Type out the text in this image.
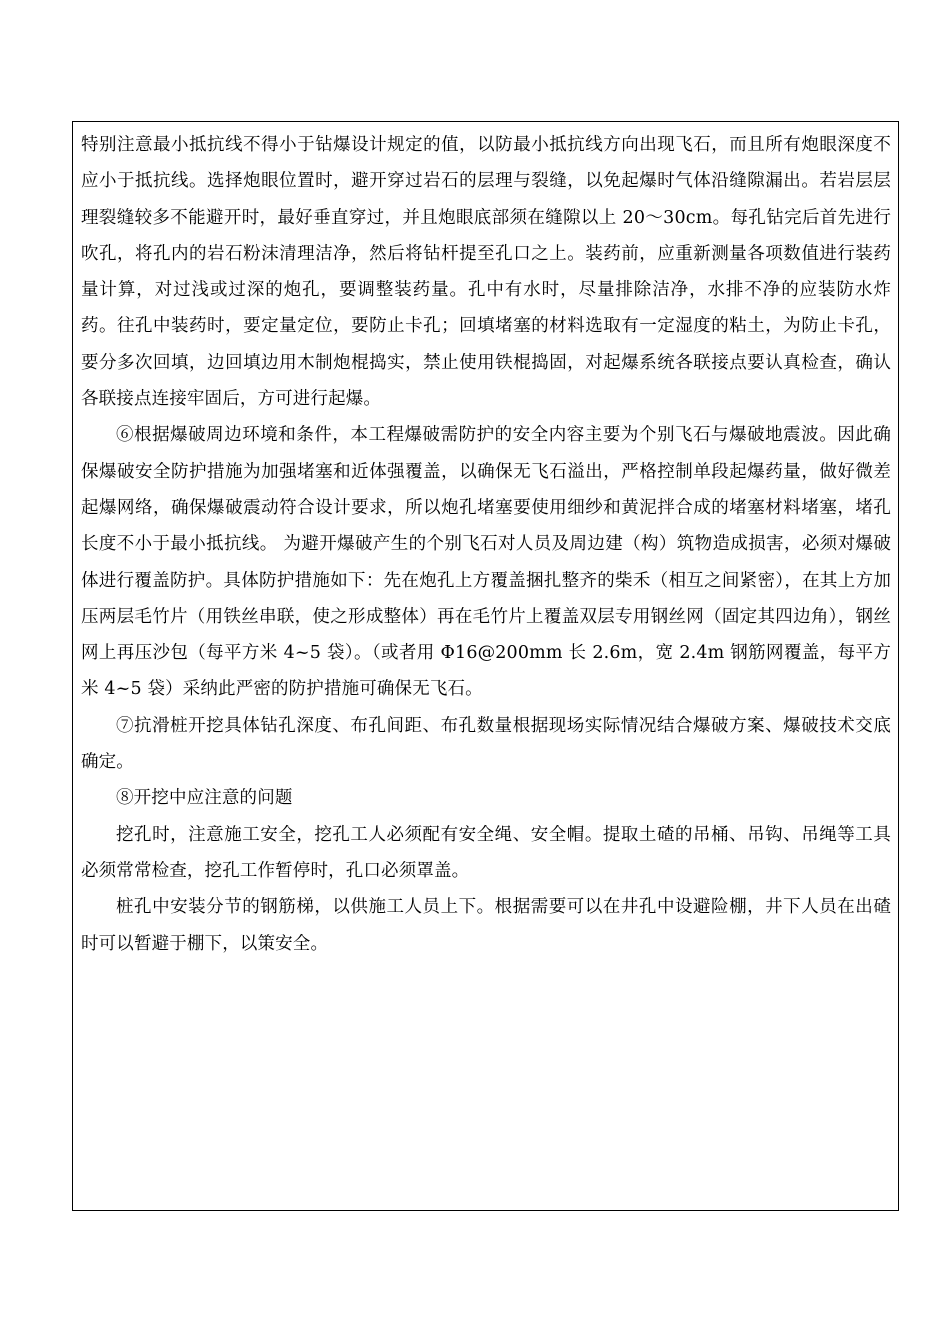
特别注意最小抵抗线不得小于钻爆设计规定的值，以防最小抵抗线方向出现飞石，而且所有炮眼深度不应小于抵抗线。选择炮眼位置时，避开穿过岩石的层理与裂缝，以免起爆时气体沿缝隙漏出。若岩层层理裂缝较多不能避开时，最好垂直穿过，并且炮眼底部须在缝隙以上 20～30cm。每孔钻完后首先进行吹孔，将孔内的岩石粉沫清理洁净，然后将钻杆提至孔口之上。装药前，应重新测量各项数值进行装药量计算，对过浅或过深的炮孔，要调整装药量。孔中有水时，尽量排除洁净，水排不净的应装防水炸药。往孔中装药时，要定量定位，要防止卡孔；回填堵塞的材料选取有一定湿度的粘土，为防止卡孔，要分多次回填，边回填边用木制炮棍捣实，禁止使用铁棍捣固，对起爆系统各联接点要认真检查，确认各联接点连接牢固后，方可进行起爆。

⑥根据爆破周边环境和条件，本工程爆破需防护的安全内容主要为个别飞石与爆破地震波。因此确保爆破安全防护措施为加强堵塞和近体强覆盖，以确保无飞石溢出，严格控制单段起爆药量，做好微差起爆网络，确保爆破震动符合设计要求，所以炮孔堵塞要使用细纱和黄泥拌合成的堵塞材料堵塞，堵孔长度不小于最小抵抗线。 为避开爆破产生的个别飞石对人员及周边建（构）筑物造成损害，必须对爆破体进行覆盖防护。具体防护措施如下：先在炮孔上方覆盖捆扎整齐的柴禾（相互之间紧密），在其上方加压两层毛竹片（用铁丝串联，使之形成整体）再在毛竹片上覆盖双层专用钢丝网（固定其四边角），钢丝网上再压沙包（每平方米 4~5 袋）。（或者用 Φ16@200mm 长 2.6m，宽 2.4m 钢筋网覆盖，每平方米 4~5 袋）采纳此严密的防护措施可确保无飞石。

⑦抗滑桩开挖具体钻孔深度、布孔间距、布孔数量根据现场实际情况结合爆破方案、爆破技术交底确定。

⑧开挖中应注意的问题

挖孔时，注意施工安全，挖孔工人必须配有安全绳、安全帽。提取土碴的吊桶、吊钩、吊绳等工具必须常常检查，挖孔工作暂停时，孔口必须罩盖。

桩孔中安装分节的钢筋梯，以供施工人员上下。根据需要可以在井孔中设避险棚，井下人员在出碴时可以暂避于棚下，以策安全。
